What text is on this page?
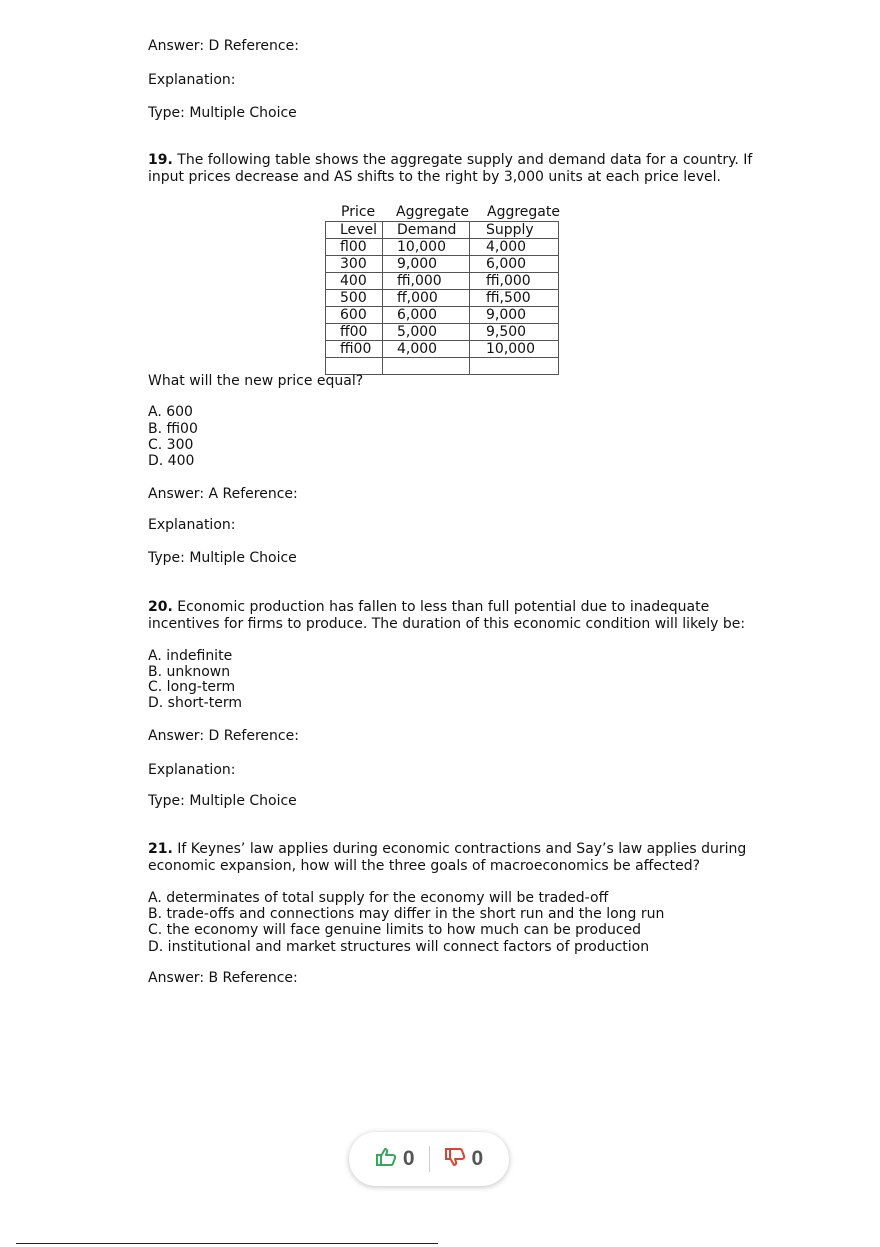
Answer: D Reference:
Explanation:
Type: Multiple Choice
19. The following table shows the aggregate supply and demand data for a country. If input prices decrease and AS shifts to the right by 3,000 units at each price level.
Price Aggregate Aggregate
Level	Demand	Supply
fl00	10,000	4,000
300	9,000	6,000
400	ffi,000	ffi,000
500	ff,000	ffi,500
600	6,000	9,000
ff00	5,000	9,500
ffi00	4,000	10,000

What will the new price equal?
A. 600
B. ffi00
C. 300
D. 400
Answer: A Reference:
Explanation:
Type: Multiple Choice
20. Economic production has fallen to less than full potential due to inadequate incentives for firms to produce. The duration of this economic condition will likely be:
A. indefinite
B. unknown
C. long-term
D. short-term
Answer: D Reference:
Explanation:
Type: Multiple Choice
21. If Keynes’ law applies during economic contractions and Say’s law applies during economic expansion, how will the three goals of macroeconomics be affected?
A. determinates of total supply for the economy will be traded-off
B. trade-offs and connections may differ in the short run and the long run
C. the economy will face genuine limits to how much can be produced
D. institutional and market structures will connect factors of production
Answer: B Reference:
0	0
